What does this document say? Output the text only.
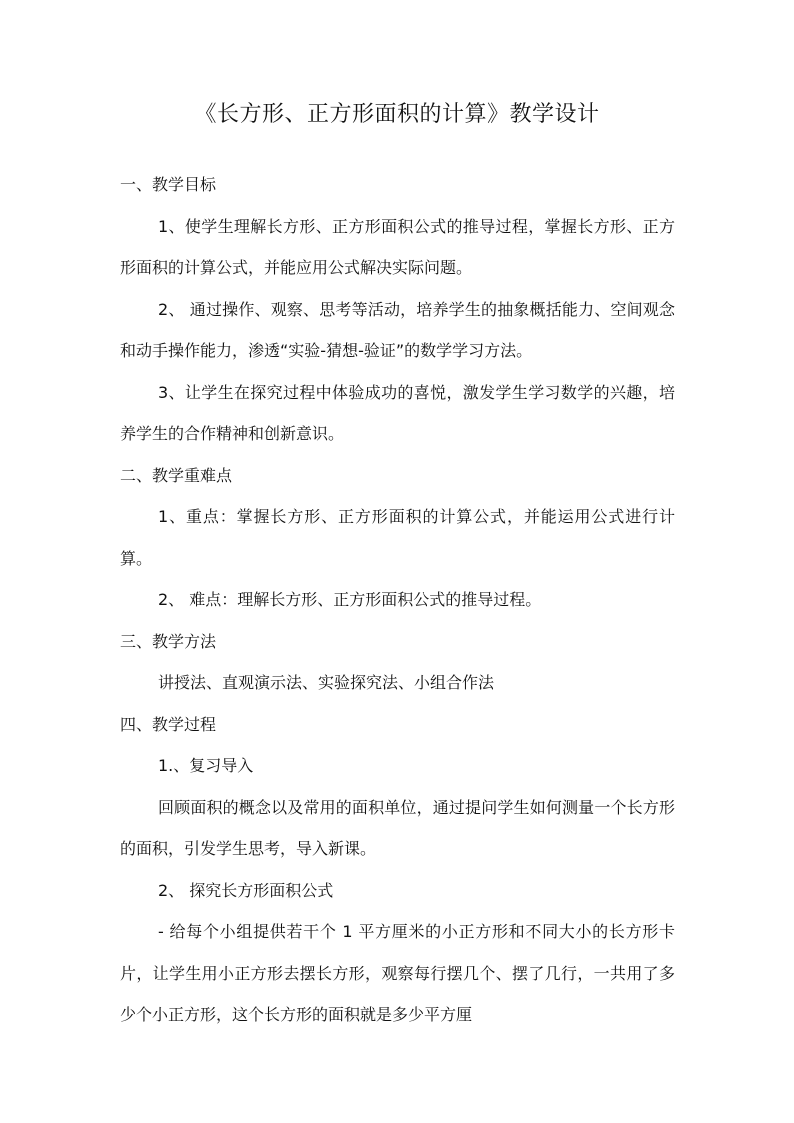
《长方形、正方形面积的计算》教学设计

一、教学目标

1、使学生理解长方形、正方形面积公式的推导过程，掌握长方形、正方形面积的计算公式，并能应用公式解决实际问题。

2、 通过操作、观察、思考等活动，培养学生的抽象概括能力、空间观念和动手操作能力，渗透“实验-猜想-验证”的数学学习方法。

3、让学生在探究过程中体验成功的喜悦，激发学生学习数学的兴趣，培养学生的合作精神和创新意识。

二、教学重难点

1、重点：掌握长方形、正方形面积的计算公式，并能运用公式进行计算。

2、 难点：理解长方形、正方形面积公式的推导过程。

三、教学方法

讲授法、直观演示法、实验探究法、小组合作法

四、教学过程

1.、复习导入

回顾面积的概念以及常用的面积单位，通过提问学生如何测量一个长方形的面积，引发学生思考，导入新课。

2、 探究长方形面积公式

- 给每个小组提供若干个 1 平方厘米的小正方形和不同大小的长方形卡片，让学生用小正方形去摆长方形，观察每行摆几个、摆了几行，一共用了多少个小正方形，这个长方形的面积就是多少平方厘
